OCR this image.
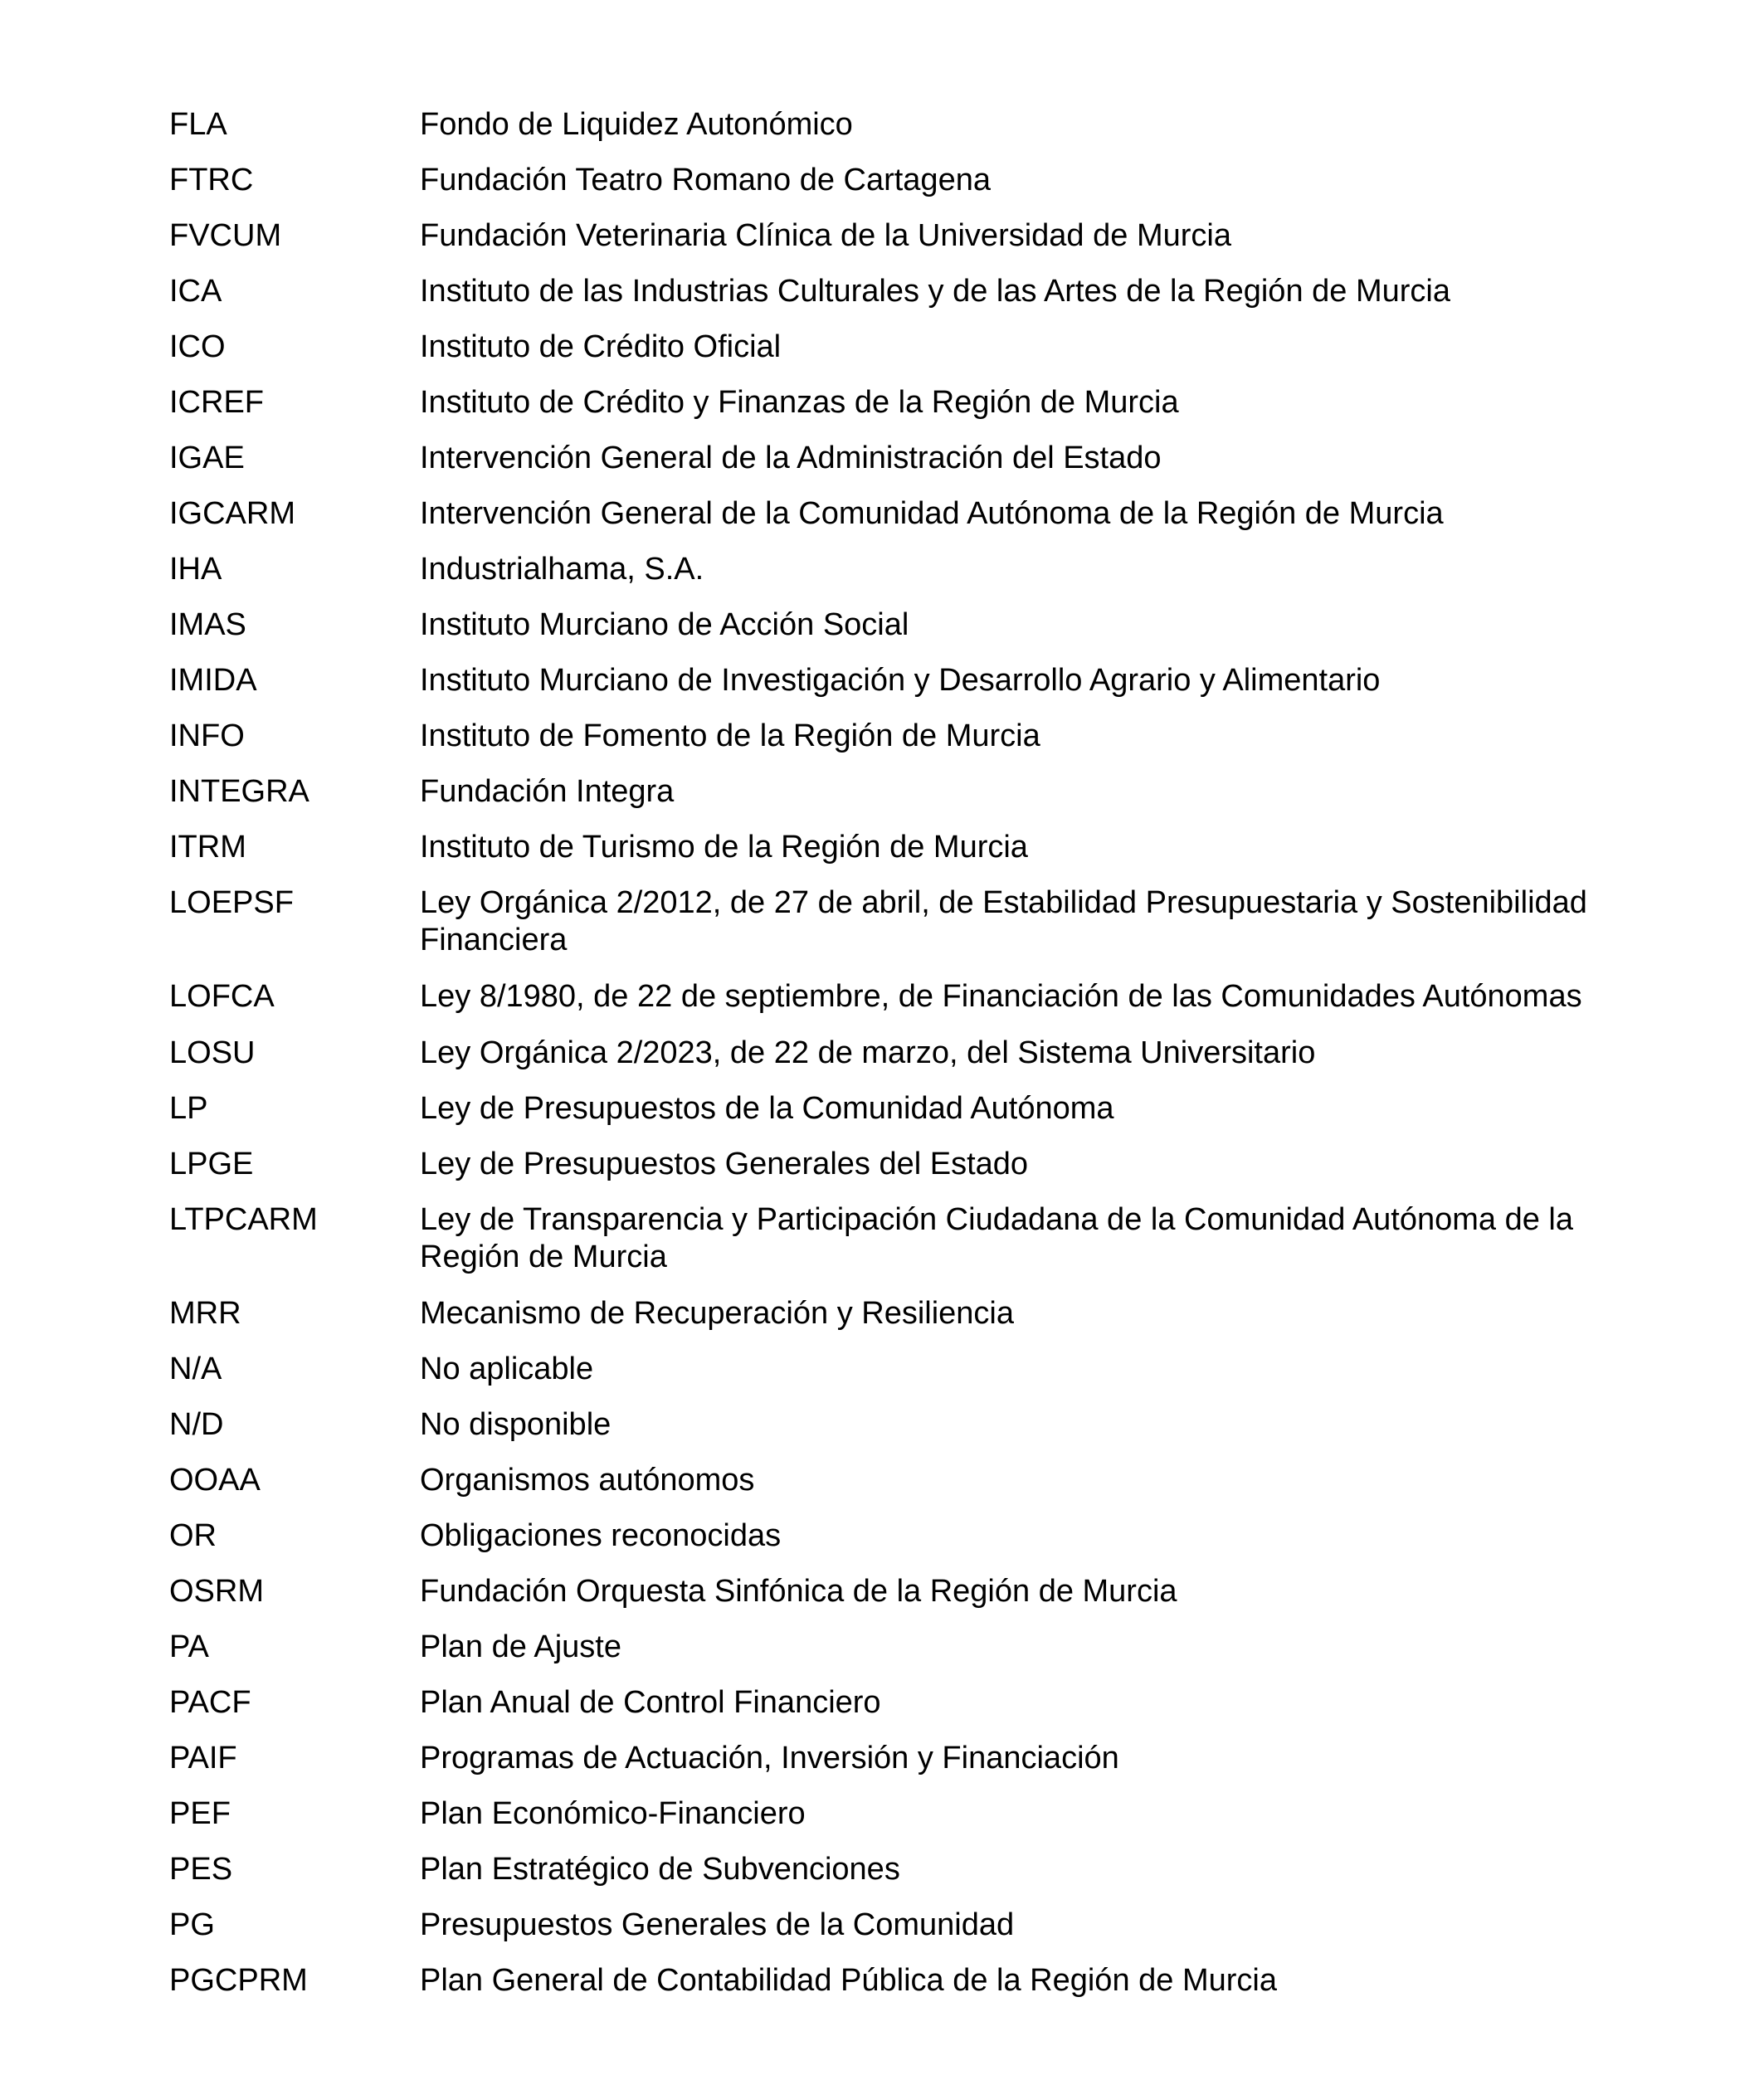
FLA	Fondo de Liquidez Autonómico
FTRC	Fundación Teatro Romano de Cartagena
FVCUM	Fundación Veterinaria Clínica de la Universidad de Murcia
ICA	Instituto de las Industrias Culturales y de las Artes de la Región de Murcia
ICO	Instituto de Crédito Oficial
ICREF	Instituto de Crédito y Finanzas de la Región de Murcia
IGAE	Intervención General de la Administración del Estado
IGCARM	Intervención General de la Comunidad Autónoma de la Región de Murcia
IHA	Industrialhama, S.A.
IMAS	Instituto Murciano de Acción Social
IMIDA	Instituto Murciano de Investigación y Desarrollo Agrario y Alimentario
INFO	Instituto de Fomento de la Región de Murcia
INTEGRA	Fundación Integra
ITRM	Instituto de Turismo de la Región de Murcia
LOEPSF	Ley Orgánica 2/2012, de 27 de abril, de Estabilidad Presupuestaria y Sostenibilidad Financiera
LOFCA	Ley 8/1980, de 22 de septiembre, de Financiación de las Comunidades Autónomas
LOSU	Ley Orgánica 2/2023, de 22 de marzo, del Sistema Universitario
LP	Ley de Presupuestos de la Comunidad Autónoma
LPGE	Ley de Presupuestos Generales del Estado
LTPCARM	Ley de Transparencia y Participación Ciudadana de la Comunidad Autónoma de la Región de Murcia
MRR	Mecanismo de Recuperación y Resiliencia
N/A	No aplicable
N/D	No disponible
OOAA	Organismos autónomos
OR	Obligaciones reconocidas
OSRM	Fundación Orquesta Sinfónica de la Región de Murcia
PA	Plan de Ajuste
PACF	Plan Anual de Control Financiero
PAIF	Programas de Actuación, Inversión y Financiación
PEF	Plan Económico-Financiero
PES	Plan Estratégico de Subvenciones
PG	Presupuestos Generales de la Comunidad
PGCPRM	Plan General de Contabilidad Pública de la Región de Murcia
